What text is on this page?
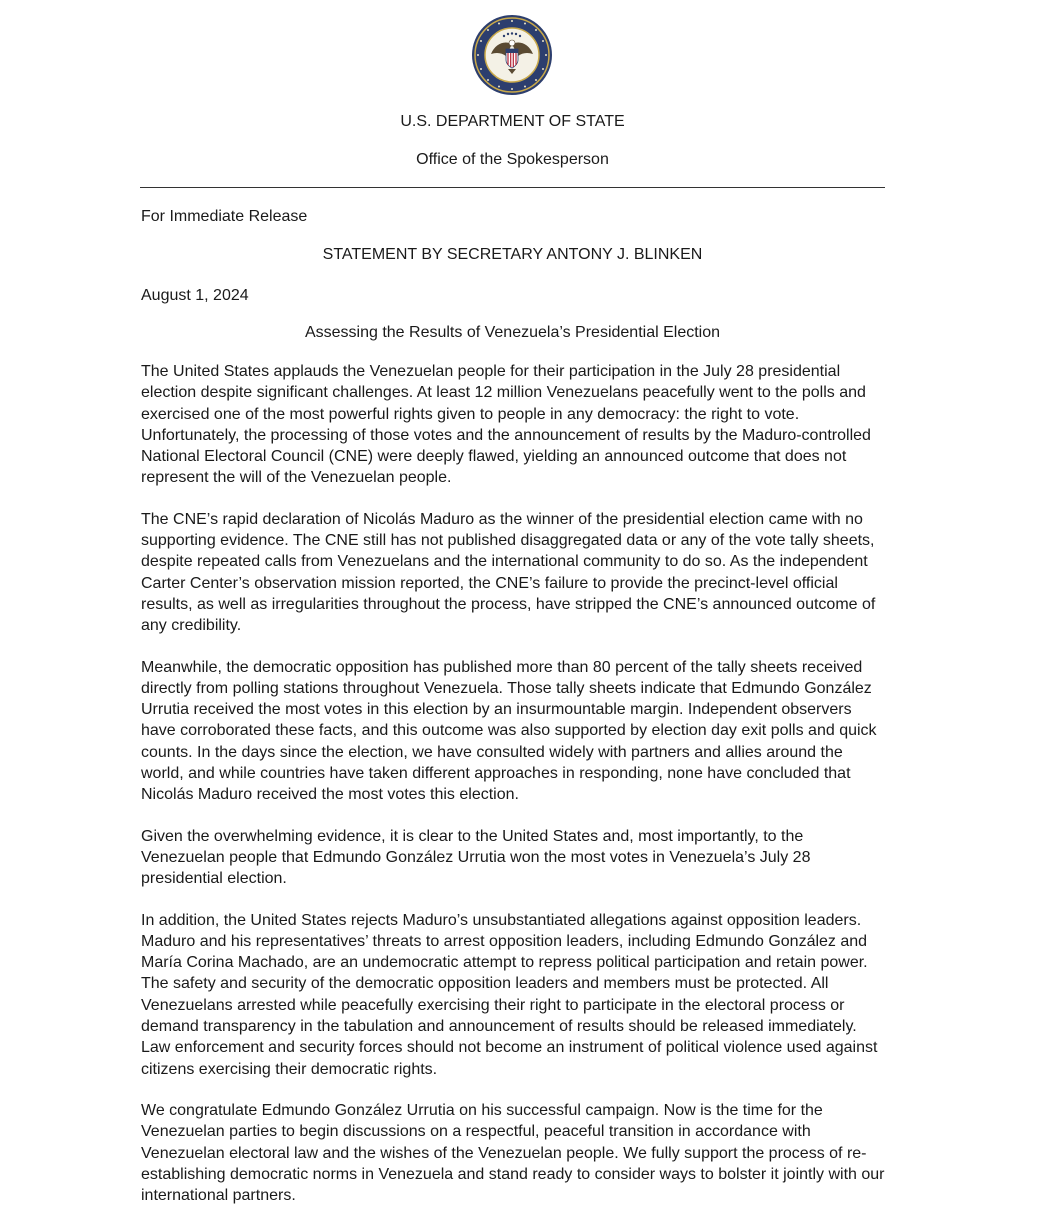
U.S. DEPARTMENT OF STATE
Office of the Spokesperson
For Immediate Release
STATEMENT BY SECRETARY ANTONY J. BLINKEN
August 1, 2024
Assessing the Results of Venezuela’s Presidential Election

The United States applauds the Venezuelan people for their participation in the July 28 presidential election despite significant challenges. At least 12 million Venezuelans peacefully went to the polls and exercised one of the most powerful rights given to people in any democracy: the right to vote. Unfortunately, the processing of those votes and the announcement of results by the Maduro-controlled National Electoral Council (CNE) were deeply flawed, yielding an announced outcome that does not represent the will of the Venezuelan people.

The CNE’s rapid declaration of Nicolás Maduro as the winner of the presidential election came with no supporting evidence. The CNE still has not published disaggregated data or any of the vote tally sheets, despite repeated calls from Venezuelans and the international community to do so. As the independent Carter Center’s observation mission reported, the CNE’s failure to provide the precinct-level official results, as well as irregularities throughout the process, have stripped the CNE’s announced outcome of any credibility.

Meanwhile, the democratic opposition has published more than 80 percent of the tally sheets received directly from polling stations throughout Venezuela. Those tally sheets indicate that Edmundo González Urrutia received the most votes in this election by an insurmountable margin. Independent observers have corroborated these facts, and this outcome was also supported by election day exit polls and quick counts. In the days since the election, we have consulted widely with partners and allies around the world, and while countries have taken different approaches in responding, none have concluded that Nicolás Maduro received the most votes this election.

Given the overwhelming evidence, it is clear to the United States and, most importantly, to the Venezuelan people that Edmundo González Urrutia won the most votes in Venezuela’s July 28 presidential election.

In addition, the United States rejects Maduro’s unsubstantiated allegations against opposition leaders. Maduro and his representatives’ threats to arrest opposition leaders, including Edmundo González and María Corina Machado, are an undemocratic attempt to repress political participation and retain power. The safety and security of the democratic opposition leaders and members must be protected. All Venezuelans arrested while peacefully exercising their right to participate in the electoral process or demand transparency in the tabulation and announcement of results should be released immediately. Law enforcement and security forces should not become an instrument of political violence used against citizens exercising their democratic rights.

We congratulate Edmundo González Urrutia on his successful campaign. Now is the time for the Venezuelan parties to begin discussions on a respectful, peaceful transition in accordance with Venezuelan electoral law and the wishes of the Venezuelan people. We fully support the process of re-establishing democratic norms in Venezuela and stand ready to consider ways to bolster it jointly with our international partners.
